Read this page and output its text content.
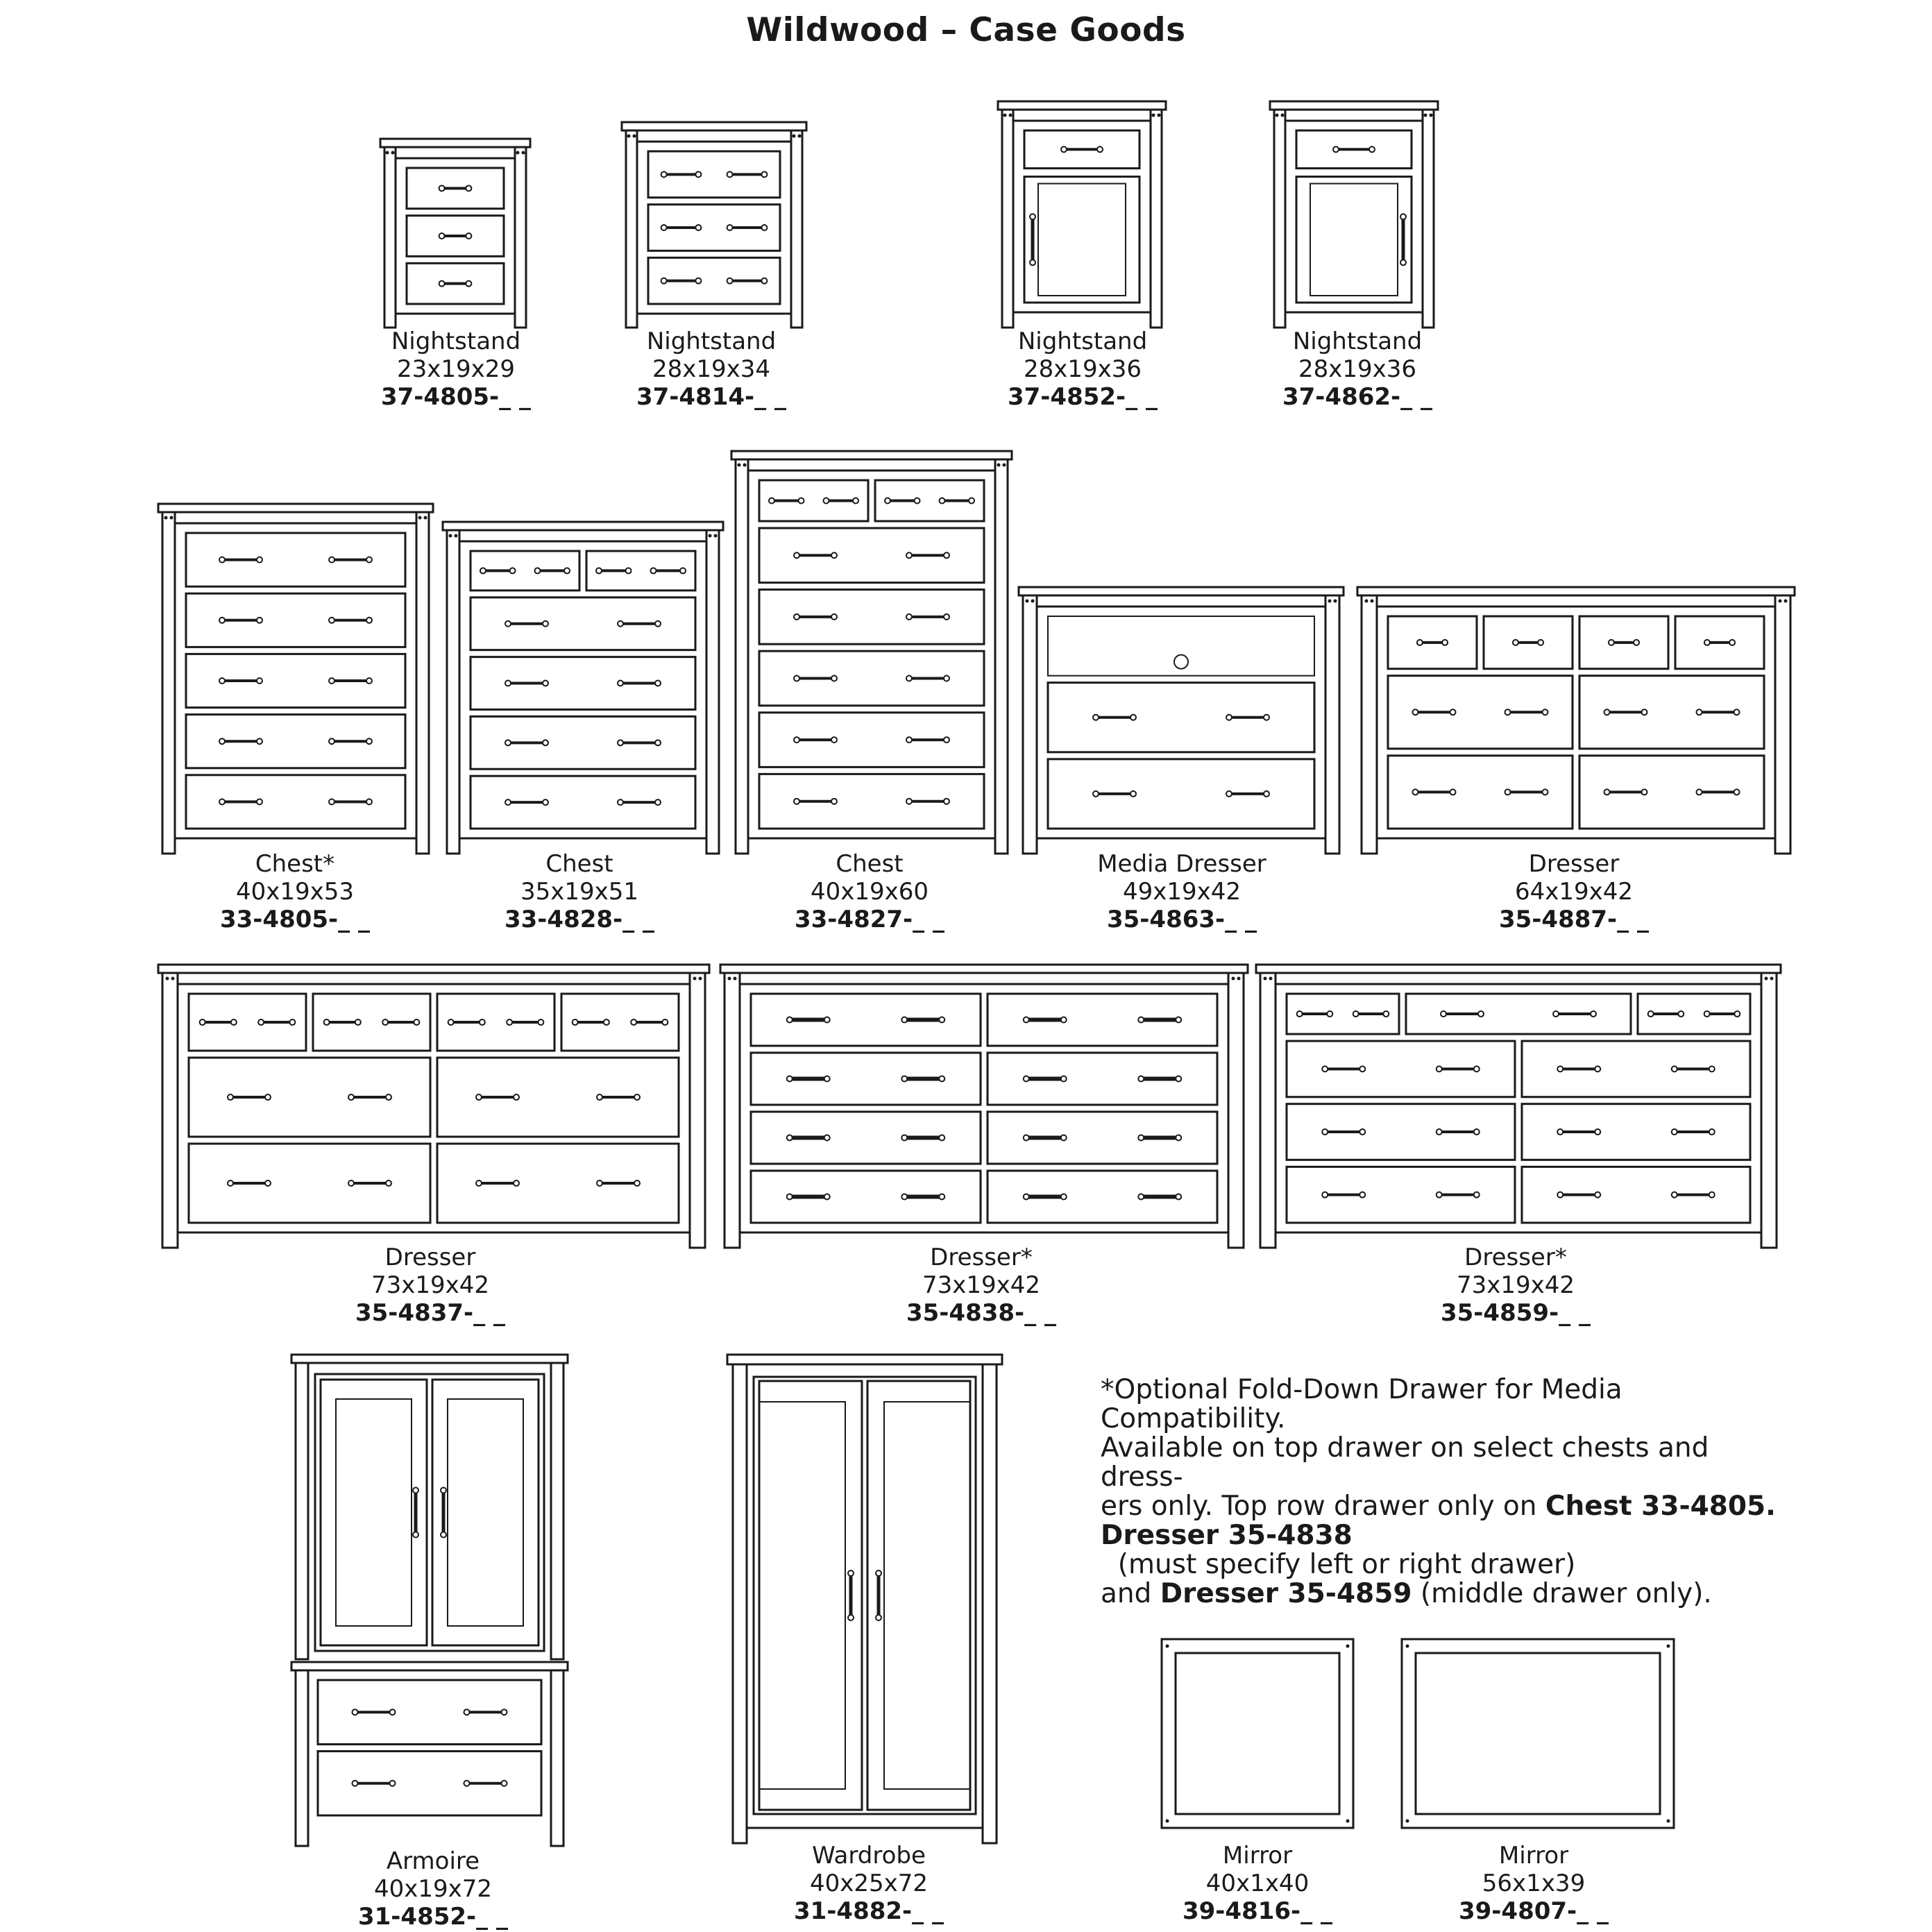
Wildwood – Case Goods
*Optional Fold-Down Drawer for Media Compatibility.
Available on top drawer on select chests and dress-
ers only. Top row drawer only on Chest 33-4805.
Dresser 35-4838  (must specify left or right drawer)
and Dresser 35-4859 (middle drawer only).
Nightstand
23x19x29
37-4805-_ _
Nightstand
28x19x34
37-4814-_ _
Nightstand
28x19x36
37-4852-_ _
Nightstand
28x19x36
37-4862-_ _
Chest*
40x19x53
33-4805-_ _
Chest
35x19x51
33-4828-_ _
Chest
40x19x60
33-4827-_ _
Media Dresser
49x19x42
35-4863-_ _
Dresser
64x19x42
35-4887-_ _
Dresser
73x19x42
35-4837-_ _
Dresser*
73x19x42
35-4838-_ _
Dresser*
73x19x42
35-4859-_ _
Armoire
40x19x72
31-4852-_ _
Wardrobe
40x25x72
31-4882-_ _
Mirror
40x1x40
39-4816-_ _
Mirror
56x1x39
39-4807-_ _
